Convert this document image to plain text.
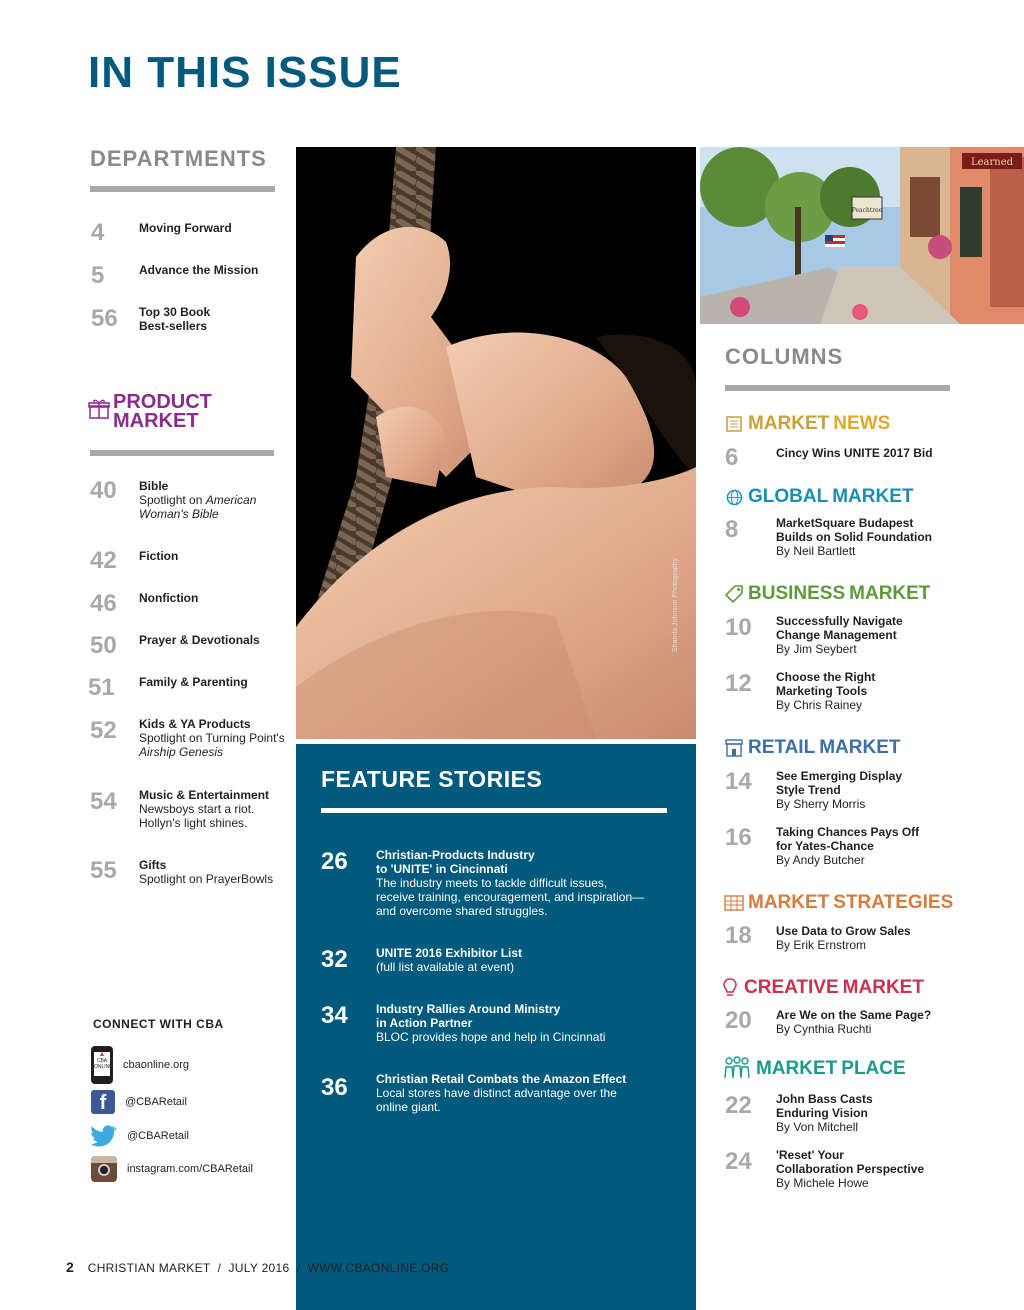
IN THIS ISSUE
DEPARTMENTS
4	Moving Forward
5	Advance the Mission
56 Top 30 Book
Best-sellers
PRODUCT
MARKET
40 Bible
Spotlight on American Woman's Bible
42 Fiction
46 Nonfiction
50 Prayer & Devotionals
51 Family & Parenting
52 Kids & YA Products
Spotlight on Turning Point's Airship Genesis
54 Music & Entertainment
Newsboys start a riot.
Hollyn's light shines.
55 Gifts
Spotlight on PrayerBowls
CONNECT WITH CBA
▲
CBA ONLINE cbaonline.org
f	@CBARetail
@CBARetail
instagram.com/CBARetail
Shanda Johnson Photography
Peachtree
Learned
FEATURE STORIES
26 Christian-Products Industry
to 'UNITE' in Cincinnati
The industry meets to tackle difficult issues, receive training, encouragement, and inspiration—and overcome shared struggles.
32 UNITE 2016 Exhibitor List
(full list available at event)
34 Industry Rallies Around Ministry
in Action Partner
BLOC provides hope and help in Cincinnati
36 Christian Retail Combats the Amazon Effect
Local stores have distinct advantage over the online giant.
COLUMNS
MARKET NEWS
6	Cincy Wins UNITE 2017 Bid
GLOBAL MARKET
8	MarketSquare Budapest
Builds on Solid Foundation
By Neil Bartlett
BUSINESS MARKET
10 Successfully Navigate
Change Management
By Jim Seybert
12 Choose the Right
Marketing Tools
By Chris Rainey
RETAIL MARKET
14 See Emerging Display
Style Trend
By Sherry Morris
16 Taking Chances Pays Off
for Yates-Chance
By Andy Butcher
MARKET STRATEGIES
18 Use Data to Grow Sales
By Erik Ernstrom
CREATIVE MARKET
20 Are We on the Same Page?
By Cynthia Ruchti
MARKET PLACE
22 John Bass Casts
Enduring Vision
By Von Mitchell
24 'Reset' Your
Collaboration Perspective
By Michele Howe
2 CHRISTIAN MARKET  /  JULY 2016  /  WWW.CBAONLINE.ORG
